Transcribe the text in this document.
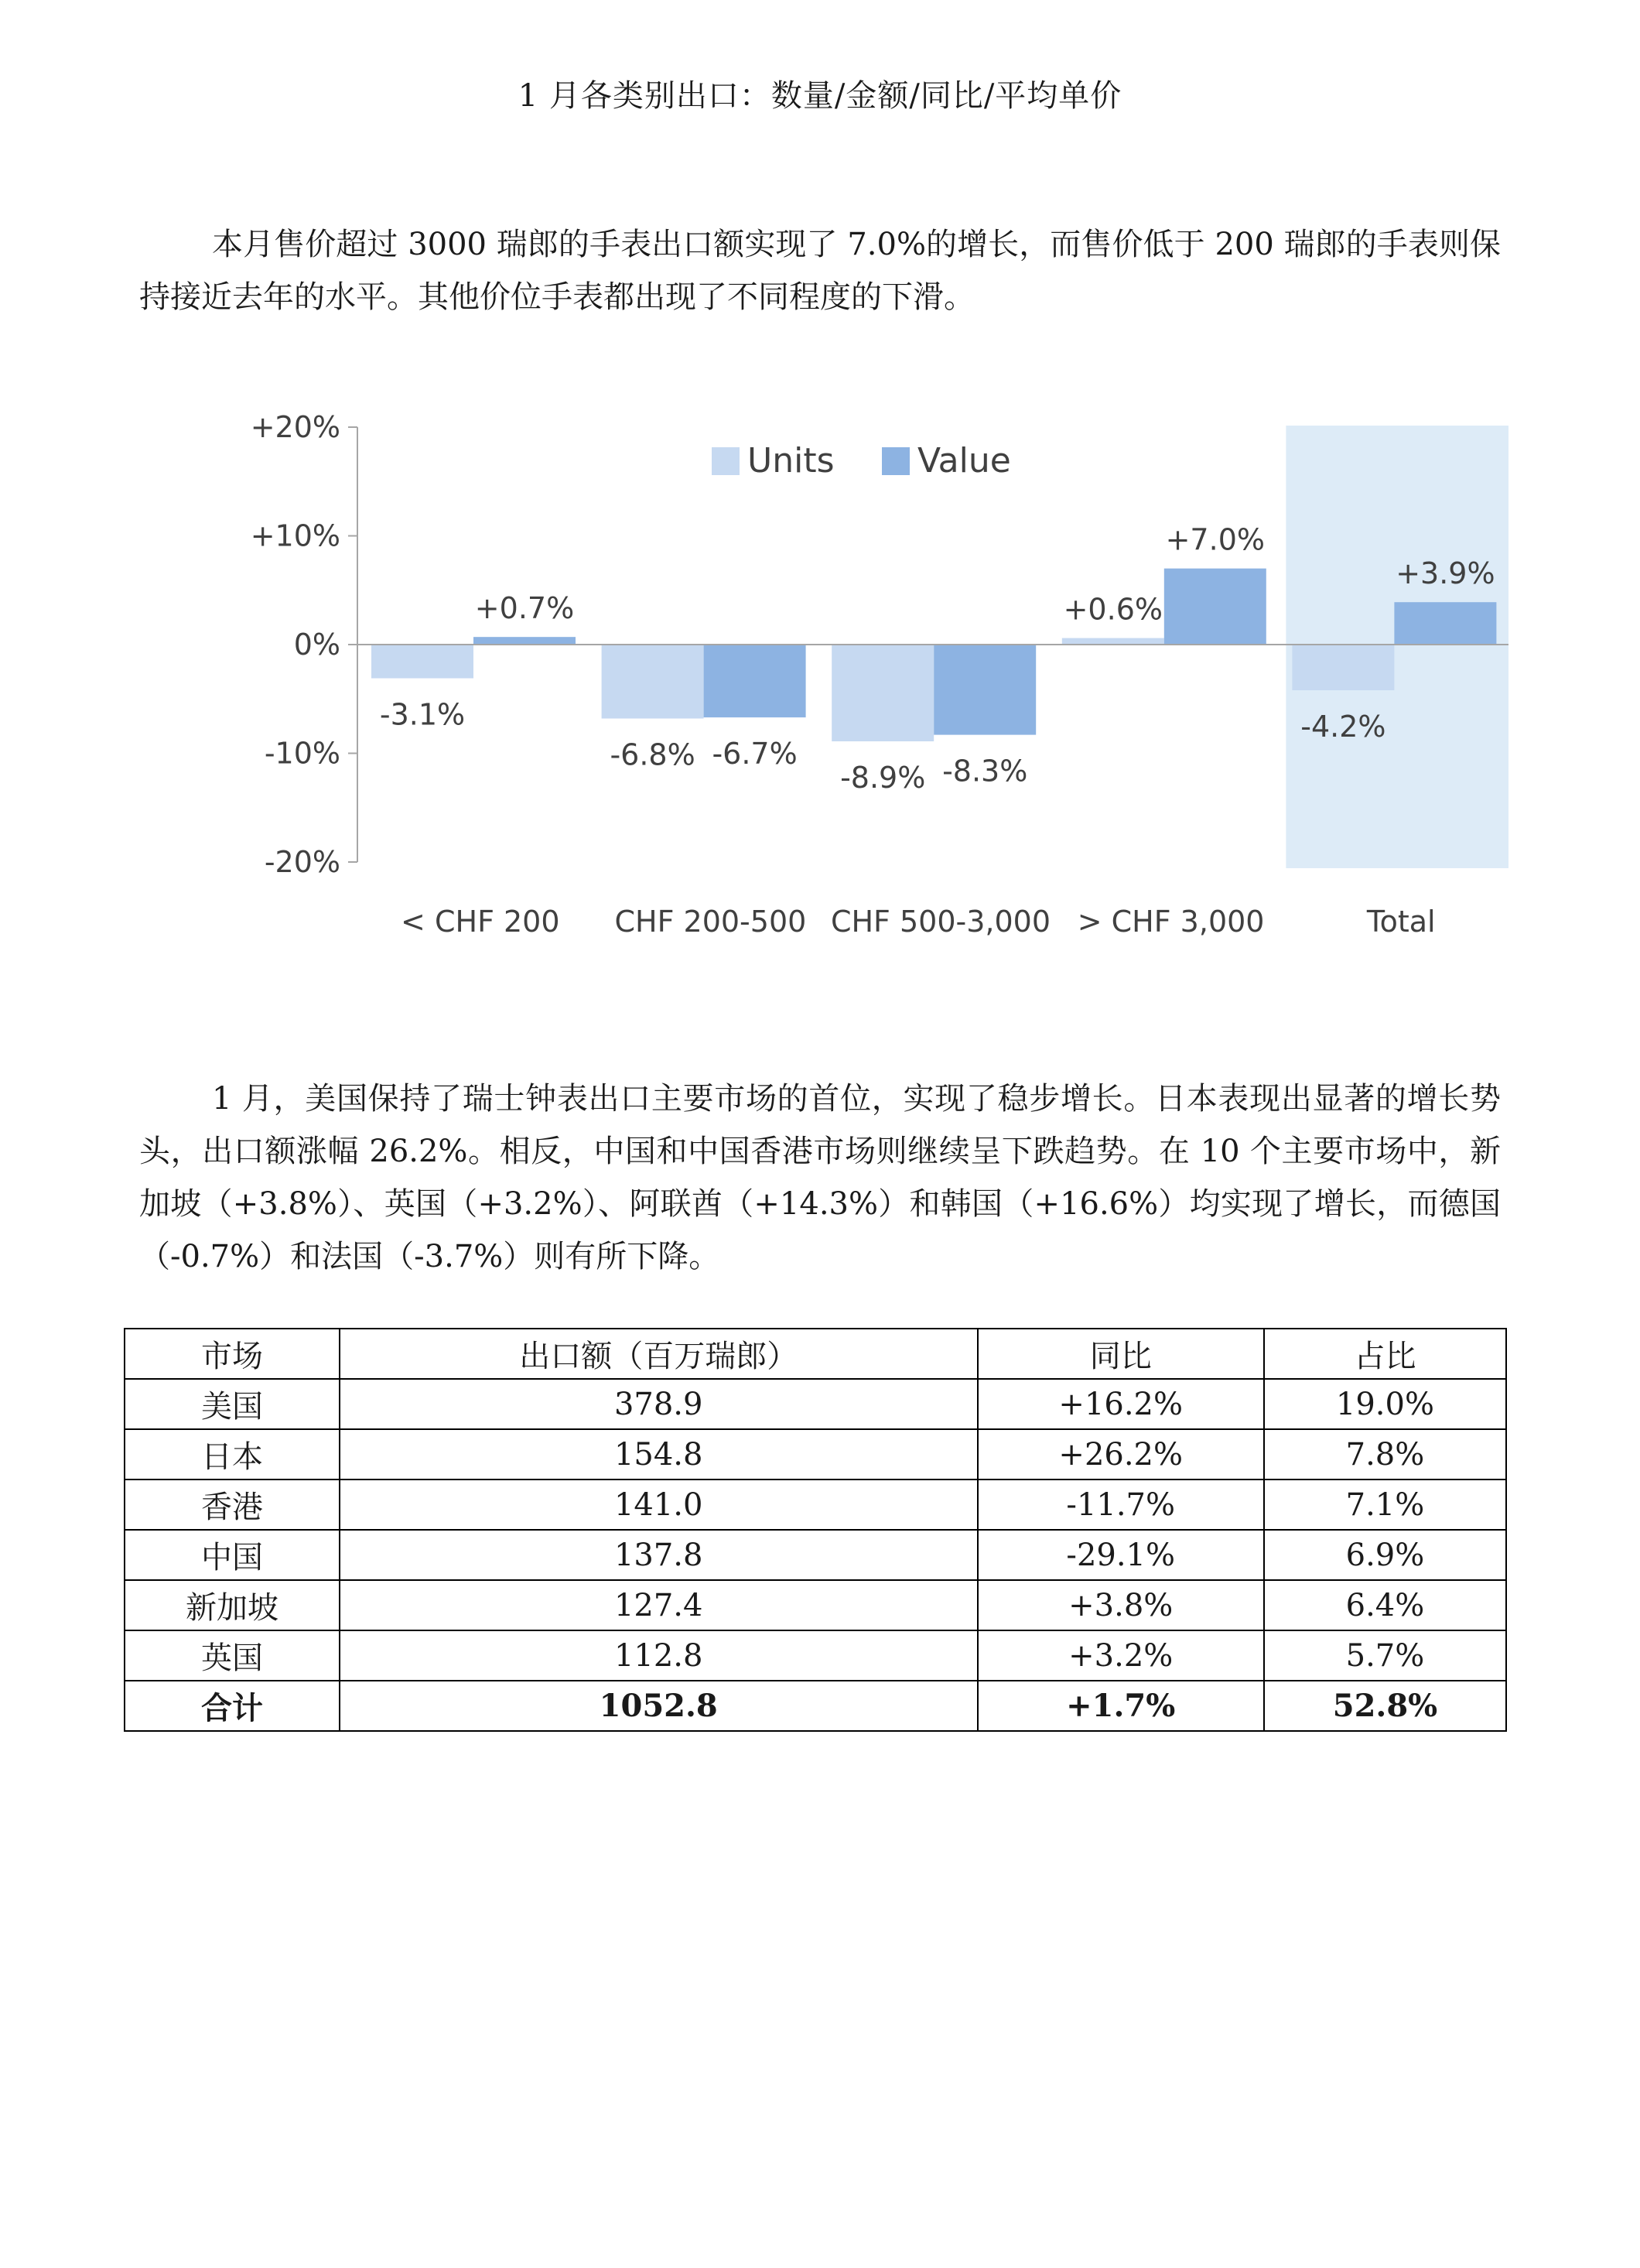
1 月各类别出口：数量/金额/同比/平均单价
本月售价超过 3000 瑞郎的手表出口额实现了 7.0%的增长，而售价低于 200 瑞郎的手表则保持接近去年的水平。其他价位手表都出现了不同程度的下滑。
+20%
+10%
0%
-10%
-20%
-3.1%
-6.8%
-8.9%
+0.6%
-4.2%
+0.7%
-6.7%
-8.3%
+7.0%
+3.9%
< CHF 200 CHF 200-500 CHF 500-3,000 > CHF 3,000	Total
Units Value
1 月，美国保持了瑞士钟表出口主要市场的首位，实现了稳步增长。日本表现出显著的增长势头，出口额涨幅 26.2%。相反，中国和中国香港市场则继续呈下跌趋势。在 10 个主要市场中，新加坡（+3.8%）、英国（+3.2%）、阿联酋（+14.3%）和韩国（+16.6%）均实现了增长，而德国（-0.7%）和法国（-3.7%）则有所下降。
市场	出口额（百万瑞郎）	同比	占比
美国	378.9	+16.2%	19.0%
日本	154.8	+26.2%	7.8%
香港	141.0	-11.7%	7.1%
中国	137.8	-29.1%	6.9%
新加坡	127.4	+3.8%	6.4%
英国	112.8	+3.2%	5.7%
合计	1052.8	+1.7%	52.8%
